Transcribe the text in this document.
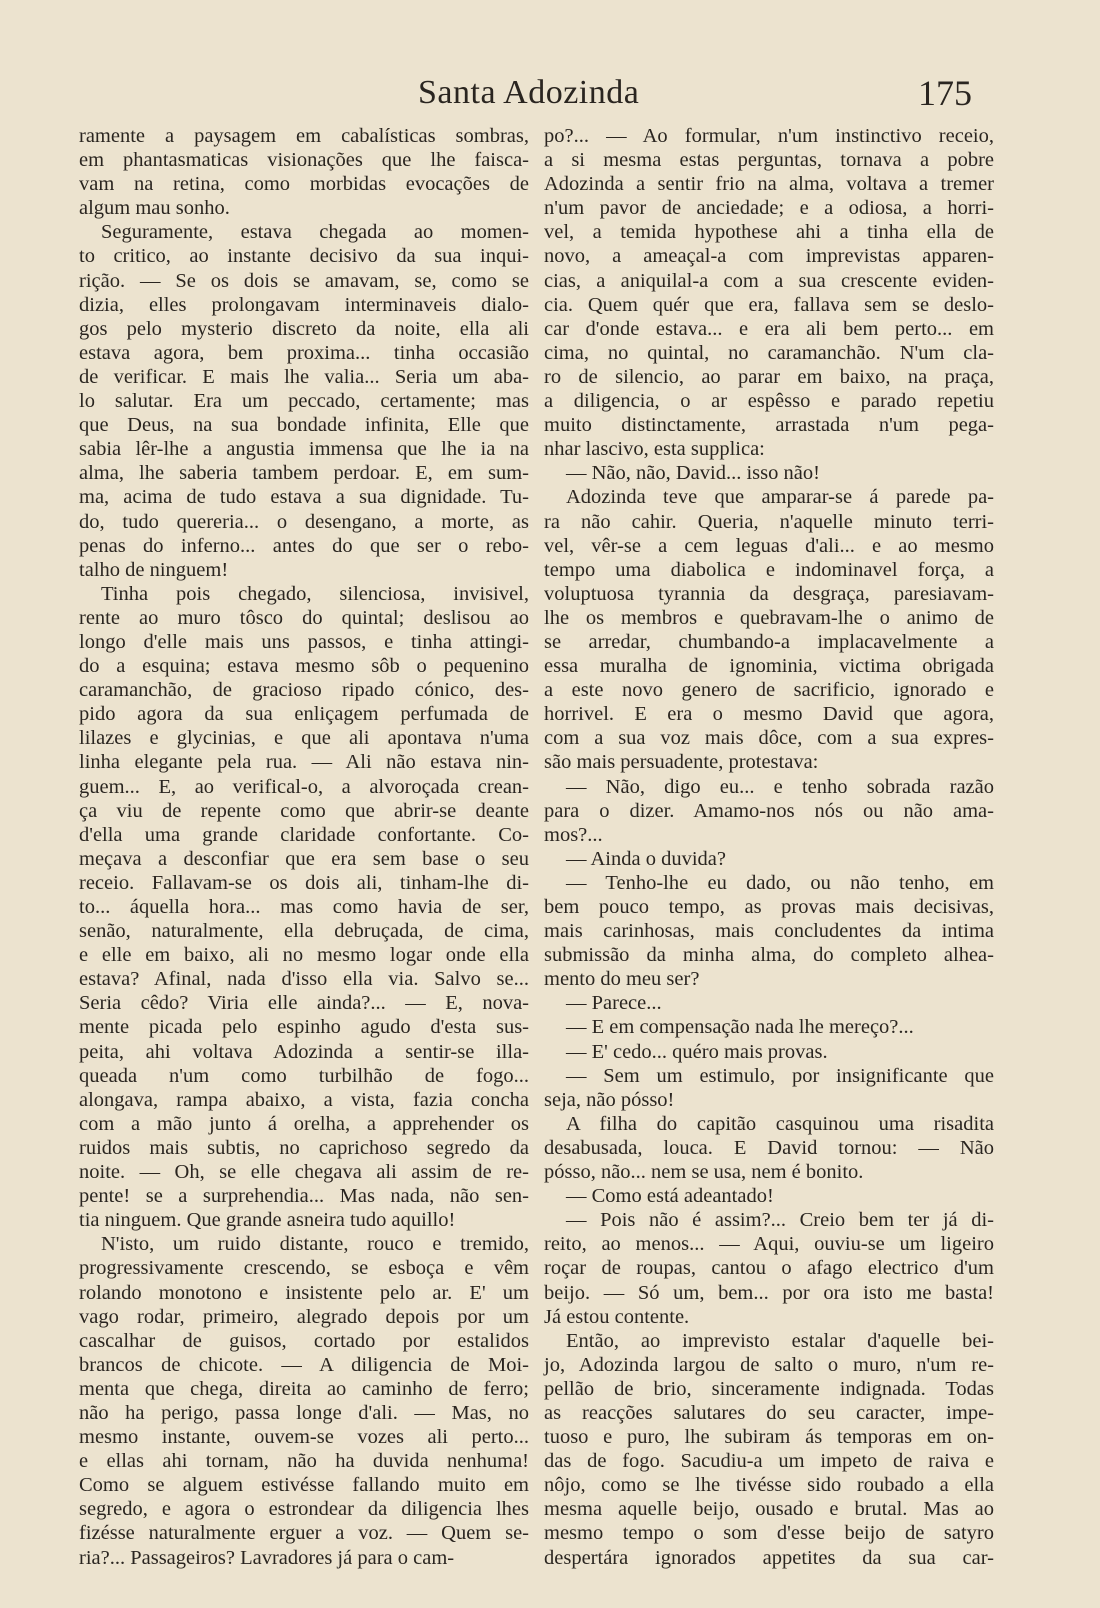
Santa Adozinda	175
ramente a paysagem em cabalísticas sombras,
em phantasmaticas visionações que lhe faisca-
vam na retina, como morbidas evocações de
algum mau sonho.
Seguramente, estava chegada ao momen-
to critico, ao instante decisivo da sua inqui-
rição. — Se os dois se amavam, se, como se
dizia, elles prolongavam interminaveis dialo-
gos pelo mysterio discreto da noite, ella ali
estava agora, bem proxima... tinha occasião
de verificar. E mais lhe valia... Seria um aba-
lo salutar. Era um peccado, certamente; mas
que Deus, na sua bondade infinita, Elle que
sabia lêr-lhe a angustia immensa que lhe ia na
alma, lhe saberia tambem perdoar. E, em sum-
ma, acima de tudo estava a sua dignidade. Tu-
do, tudo quereria... o desengano, a morte, as
penas do inferno... antes do que ser o rebo-
talho de ninguem!
Tinha pois chegado, silenciosa, invisivel,
rente ao muro tôsco do quintal; deslisou ao
longo d'elle mais uns passos, e tinha attingi-
do a esquina; estava mesmo sôb o pequenino
caramanchão, de gracioso ripado cónico, des-
pido agora da sua enliçagem perfumada de
lilazes e glycinias, e que ali apontava n'uma
linha elegante pela rua. — Ali não estava nin-
guem... E, ao verifical-o, a alvoroçada crean-
ça viu de repente como que abrir-se deante
d'ella uma grande claridade confortante. Co-
meçava a desconfiar que era sem base o seu
receio. Fallavam-se os dois ali, tinham-lhe di-
to... áquella hora... mas como havia de ser,
senão, naturalmente, ella debruçada, de cima,
e elle em baixo, ali no mesmo logar onde ella
estava? Afinal, nada d'isso ella via. Salvo se...
Seria cêdo? Viria elle ainda?... — E, nova-
mente picada pelo espinho agudo d'esta sus-
peita, ahi voltava Adozinda a sentir-se illa-
queada n'um como turbilhão de fogo...
alongava, rampa abaixo, a vista, fazia concha
com a mão junto á orelha, a apprehender os
ruidos mais subtis, no caprichoso segredo da
noite. — Oh, se elle chegava ali assim de re-
pente! se a surprehendia... Mas nada, não sen-
tia ninguem. Que grande asneira tudo aquillo!
N'isto, um ruido distante, rouco e tremido,
progressivamente crescendo, se esboça e vêm
rolando monotono e insistente pelo ar. E' um
vago rodar, primeiro, alegrado depois por um
cascalhar de guisos, cortado por estalidos
brancos de chicote. — A diligencia de Moi-
menta que chega, direita ao caminho de ferro;
não ha perigo, passa longe d'ali. — Mas, no
mesmo instante, ouvem-se vozes ali perto...
e ellas ahi tornam, não ha duvida nenhuma!
Como se alguem estivésse fallando muito em
segredo, e agora o estrondear da diligencia lhes
fizésse naturalmente erguer a voz. — Quem se-
ria?... Passageiros? Lavradores já para o cam-
po?... — Ao formular, n'um instinctivo receio,
a si mesma estas perguntas, tornava a pobre
Adozinda a sentir frio na alma, voltava a tremer
n'um pavor de anciedade; e a odiosa, a horri-
vel, a temida hypothese ahi a tinha ella de
novo, a ameaçal-a com imprevistas apparen-
cias, a aniquilal-a com a sua crescente eviden-
cia. Quem quér que era, fallava sem se deslo-
car d'onde estava... e era ali bem perto... em
cima, no quintal, no caramanchão. N'um cla-
ro de silencio, ao parar em baixo, na praça,
a diligencia, o ar espêsso e parado repetiu
muito distinctamente, arrastada n'um pega-
nhar lascivo, esta supplica:
— Não, não, David... isso não!
Adozinda teve que amparar-se á parede pa-
ra não cahir. Queria, n'aquelle minuto terri-
vel, vêr-se a cem leguas d'ali... e ao mesmo
tempo uma diabolica e indominavel força, a
voluptuosa tyrannia da desgraça, paresiavam-
lhe os membros e quebravam-lhe o animo de
se arredar, chumbando-a implacavelmente a
essa muralha de ignominia, victima obrigada
a este novo genero de sacrificio, ignorado e
horrivel. E era o mesmo David que agora,
com a sua voz mais dôce, com a sua expres-
são mais persuadente, protestava:
— Não, digo eu... e tenho sobrada razão
para o dizer. Amamo-nos nós ou não ama-
mos?...
— Ainda o duvida?
— Tenho-lhe eu dado, ou não tenho, em
bem pouco tempo, as provas mais decisivas,
mais carinhosas, mais concludentes da intima
submissão da minha alma, do completo alhea-
mento do meu ser?
— Parece...
— E em compensação nada lhe mereço?...
— E' cedo... quéro mais provas.
— Sem um estimulo, por insignificante que
seja, não pósso!
A filha do capitão casquinou uma risadita
desabusada, louca. E David tornou: — Não
pósso, não... nem se usa, nem é bonito.
— Como está adeantado!
— Pois não é assim?... Creio bem ter já di-
reito, ao menos... — Aqui, ouviu-se um ligeiro
roçar de roupas, cantou o afago electrico d'um
beijo. — Só um, bem... por ora isto me basta!
Já estou contente.
Então, ao imprevisto estalar d'aquelle bei-
jo, Adozinda largou de salto o muro, n'um re-
pellão de brio, sinceramente indignada. Todas
as reacções salutares do seu caracter, impe-
tuoso e puro, lhe subiram ás temporas em on-
das de fogo. Sacudiu-a um impeto de raiva e
nôjo, como se lhe tivésse sido roubado a ella
mesma aquelle beijo, ousado e brutal. Mas ao
mesmo tempo o som d'esse beijo de satyro
despertára ignorados appetites da sua car-
